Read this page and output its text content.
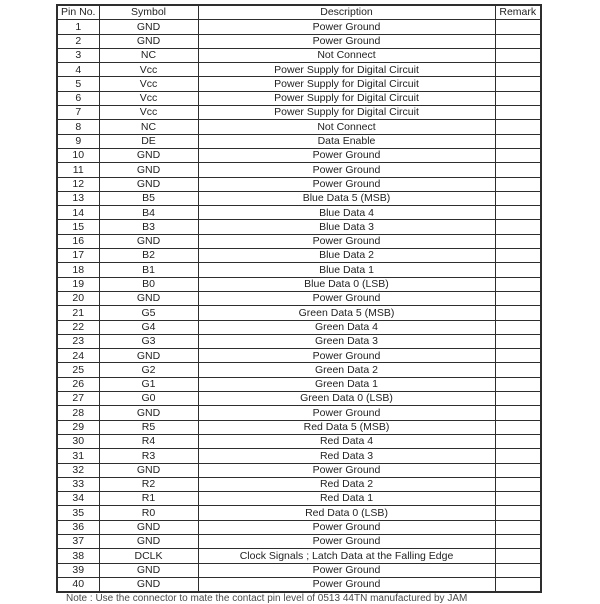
Pin No.	Symbol	Description	Remark
1	GND	Power Ground	
2	GND	Power Ground	
3	NC	Not Connect	
4	Vcc	Power Supply for Digital Circuit	
5	Vcc	Power Supply for Digital Circuit	
6	Vcc	Power Supply for Digital Circuit	
7	Vcc	Power Supply for Digital Circuit	
8	NC	Not Connect	
9	DE	Data Enable	
10	GND	Power Ground	
11	GND	Power Ground	
12	GND	Power Ground	
13	B5	Blue Data 5 (MSB)	
14	B4	Blue Data 4	
15	B3	Blue Data 3	
16	GND	Power Ground	
17	B2	Blue Data 2	
18	B1	Blue Data 1	
19	B0	Blue Data 0 (LSB)	
20	GND	Power Ground	
21	G5	Green Data 5 (MSB)	
22	G4	Green Data 4	
23	G3	Green Data 3	
24	GND	Power Ground	
25	G2	Green Data 2	
26	G1	Green Data 1	
27	G0	Green Data 0 (LSB)	
28	GND	Power Ground	
29	R5	Red Data 5 (MSB)	
30	R4	Red Data 4	
31	R3	Red Data 3	
32	GND	Power Ground	
33	R2	Red Data 2	
34	R1	Red Data 1	
35	R0	Red Data 0 (LSB)	
36	GND	Power Ground	
37	GND	Power Ground	
38	DCLK	Clock Signals ; Latch Data at the Falling Edge	
39	GND	Power Ground	
40	GND	Power Ground	
Note : Use the connector to mate the contact pin level of 0513 44TN manufactured by JAM
